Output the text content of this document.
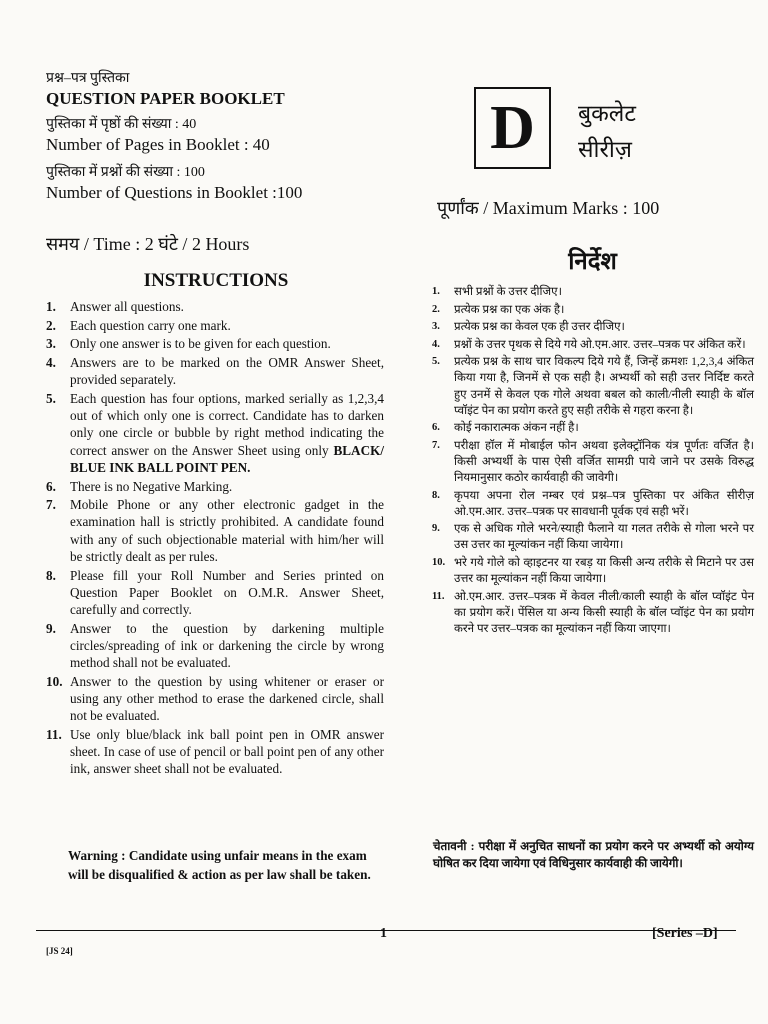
प्रश्न–पत्र पुस्तिका
QUESTION PAPER BOOKLET
पुस्तिका में पृष्ठों की संख्या : 40
Number of Pages in Booklet : 40
पुस्तिका में प्रश्नों की संख्या : 100
Number of Questions in Booklet :100
समय / Time : 2 घंटे / 2 Hours
D	बुकलेट
सीरीज़
पूर्णांक / Maximum Marks : 100
INSTRUCTIONS
1.	Answer all questions.
2.	Each question carry one mark.
3.	Only one answer is to be given for each question.
4.	Answers are to be marked on the OMR Answer Sheet, provided separately.
5.	Each question has four options, marked serially as 1,2,3,4 out of which only one is correct. Candidate has to darken only one circle or bubble by right method indicating the correct answer on the Answer Sheet using only BLACK/ BLUE INK BALL POINT PEN.
6.	There is no Negative Marking.
7.	Mobile Phone or any other electronic gadget in the examination hall is strictly prohibited. A candidate found with any of such objectionable material with him/her will be strictly dealt as per rules.
8.	Please fill your Roll Number and Series printed on Question Paper Booklet on O.M.R. Answer Sheet, carefully and correctly.
9.	Answer to the question by darkening multiple circles/spreading of ink or darkening the circle by wrong method shall not be evaluated.
10. Answer to the question by using whitener or eraser or using any other method to erase the darkened circle, shall not be evaluated.
11. Use only blue/black ink ball point pen in OMR answer sheet. In case of use of pencil or ball point pen of any other ink, answer sheet shall not be evaluated.
Warning : Candidate using unfair means in the exam will be disqualified & action as per law shall be taken.
निर्देश
1.	सभी प्रश्नों के उत्तर दीजिए।
2.	प्रत्येक प्रश्न का एक अंक है।
3.	प्रत्येक प्रश्न का केवल एक ही उत्तर दीजिए।
4.	प्रश्नों के उत्तर पृथक से दिये गये ओ.एम.आर. उत्तर–पत्रक पर अंकित करें।
5.	प्रत्येक प्रश्न के साथ चार विकल्प दिये गये हैं, जिन्हें क्रमशः 1,2,3,4 अंकित किया गया है, जिनमें से एक सही है। अभ्यर्थी को सही उत्तर निर्दिष्ट करते हुए उनमें से केवल एक गोले अथवा बबल को काली/नीली स्याही के बॉल प्वॉइंट पेन का प्रयोग करते हुए सही तरीके से गहरा करना है।
6.	कोई नकारात्मक अंकन नहीं है।
7.	परीक्षा हॉल में मोबाईल फोन अथवा इलेक्ट्रॉनिक यंत्र पूर्णतः वर्जित है। किसी अभ्यर्थी के पास ऐसी वर्जित सामग्री पाये जाने पर उसके विरुद्ध नियमानुसार कठोर कार्यवाही की जावेगी।
8.	कृपया अपना रोल नम्बर एवं प्रश्न–पत्र पुस्तिका पर अंकित सीरीज़ ओ.एम.आर. उत्तर–पत्रक पर सावधानी पूर्वक एवं सही भरें।
9.	एक से अधिक गोले भरने/स्याही फैलाने या गलत तरीके से गोला भरने पर उस उत्तर का मूल्यांकन नहीं किया जायेगा।
10. भरे गये गोले को व्हाइटनर या रबड़ या किसी अन्य तरीके से मिटाने पर उस उत्तर का मूल्यांकन नहीं किया जायेगा।
11. ओ.एम.आर. उत्तर–पत्रक में केवल नीली/काली स्याही के बॉल प्वॉइंट पेन का प्रयोग करें। पेंसिल या अन्य किसी स्याही के बॉल प्वॉइंट पेन का प्रयोग करने पर उत्तर–पत्रक का मूल्यांकन नहीं किया जाएगा।
चेतावनी : परीक्षा में अनुचित साधनों का प्रयोग करने पर अभ्यर्थी को अयोग्य घोषित कर दिया जायेगा एवं विधिनुसार कार्यवाही की जायेगी।
1	[Series –D]
[JS 24]
